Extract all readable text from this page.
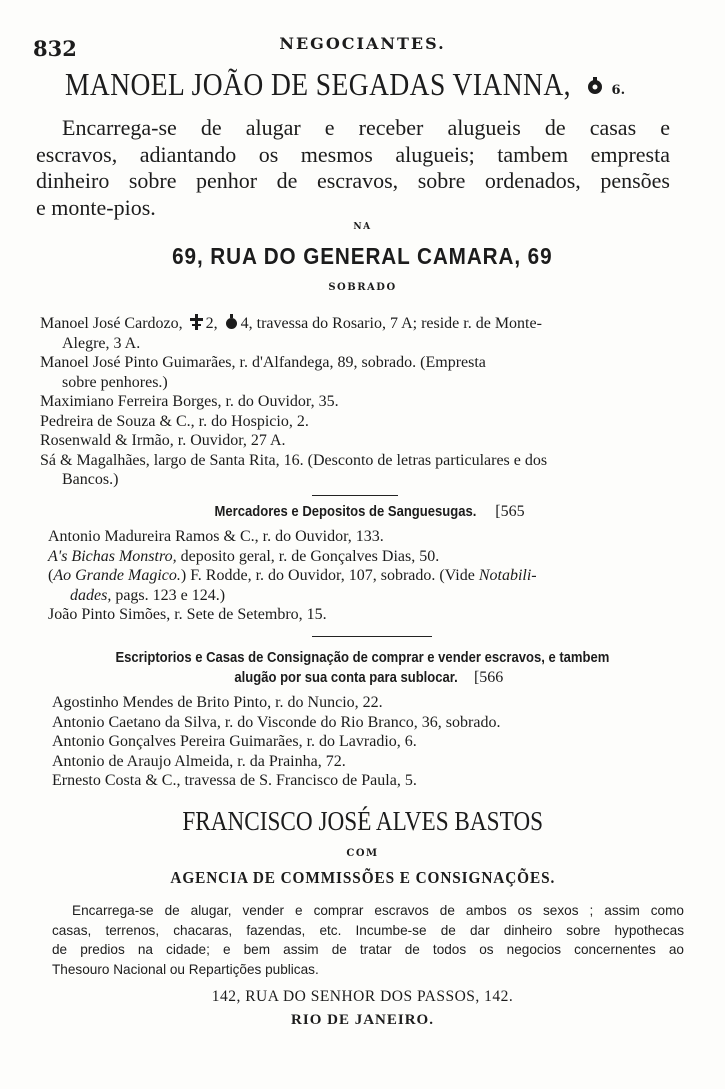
832	NEGOCIANTES.
MANOEL JOÃO DE SEGADAS VIANNA,	6.
Encarrega-se de alugar e receber alugueis de casas e
escravos, adiantando os mesmos alugueis; tambem empresta
dinheiro sobre penhor de escravos, sobre ordenados, pensões
e monte-pios.
NA
69, RUA DO GENERAL CAMARA, 69
SOBRADO
Manoel José Cardozo, 2, 4, travessa do Rosario, 7 A; reside r. de Monte-
Alegre, 3 A.
Manoel José Pinto Guimarães, r. d'Alfandega, 89, sobrado. (Empresta
sobre penhores.)
Maximiano Ferreira Borges, r. do Ouvidor, 35.
Pedreira de Souza & C., r. do Hospicio, 2.
Rosenwald & Irmão, r. Ouvidor, 27 A.
Sá & Magalhães, largo de Santa Rita, 16. (Desconto de letras particulares e dos
Bancos.)
Mercadores e Depositos de Sanguesugas. [565
Antonio Madureira Ramos & C., r. do Ouvidor, 133.
A's Bichas Monstro, deposito geral, r. de Gonçalves Dias, 50.
(Ao Grande Magico.) F. Rodde, r. do Ouvidor, 107, sobrado. (Vide Notabili-
dades, pags. 123 e 124.)
João Pinto Simões, r. Sete de Setembro, 15.
Escriptorios e Casas de Consignação de comprar e vender escravos, e tambem
alugão por sua conta para sublocar. [566
Agostinho Mendes de Brito Pinto, r. do Nuncio, 22.
Antonio Caetano da Silva, r. do Visconde do Rio Branco, 36, sobrado.
Antonio Gonçalves Pereira Guimarães, r. do Lavradio, 6.
Antonio de Araujo Almeida, r. da Prainha, 72.
Ernesto Costa & C., travessa de S. Francisco de Paula, 5.
FRANCISCO JOSÉ ALVES BASTOS
COM
AGENCIA DE COMMISSÕES E CONSIGNAÇÕES.
Encarrega-se de alugar, vender e comprar escravos de ambos os sexos ; assim como
casas, terrenos, chacaras, fazendas, etc. Incumbe-se de dar dinheiro sobre hypothecas
de predios na cidade; e bem assim de tratar de todos os negocios concernentes ao
Thesouro Nacional ou Repartições publicas.
142, RUA DO SENHOR DOS PASSOS, 142.
RIO DE JANEIRO.
